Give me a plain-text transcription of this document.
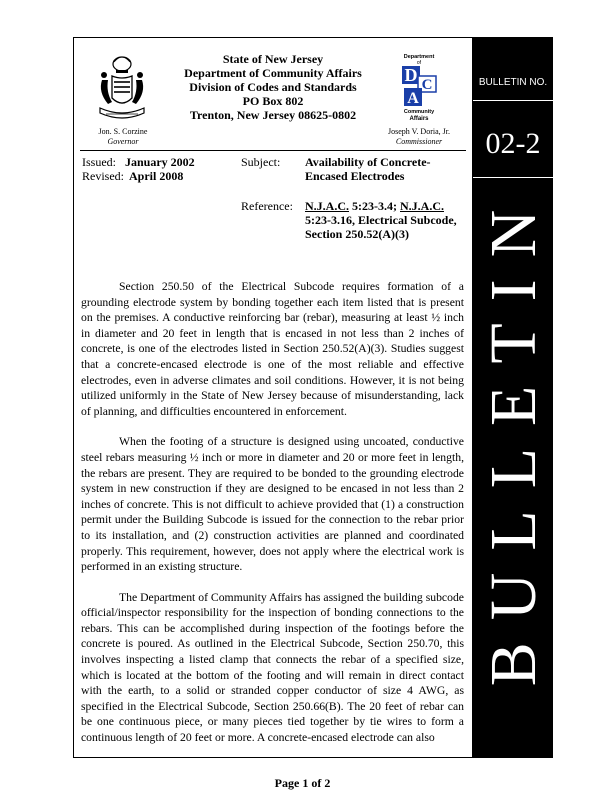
BULLETIN NO.
02-2
BULLETIN
Department
of
D C
A
Community
Affairs
State of New Jersey
Department of Community Affairs
Division of Codes and Standards
PO Box 802
Trenton, New Jersey 08625-0802
Jon. S. Corzine
Governor
Joseph V. Doria, Jr.
Commissioner
Issued: January 2002
Revised: April 2008
Subject: Availability of Concrete-
Encased Electrodes
Reference: N.J.A.C. 5:23-3.4; N.J.A.C.
5:23-3.16, Electrical Subcode,
Section 250.52(A)(3)

Section 250.50 of the Electrical Subcode requires formation of a grounding electrode system by bonding together each item listed that is present on the premises. A conductive reinforcing bar (rebar), measuring at least ½ inch in diameter and 20 feet in length that is encased in not less than 2 inches of concrete, is one of the electrodes listed in Section 250.52(A)(3). Studies suggest that a concrete-encased electrode is one of the most reliable and effective electrodes, even in adverse climates and soil conditions. However, it is not being utilized uniformly in the State of New Jersey because of misunderstanding, lack of planning, and difficulties encountered in enforcement.

When the footing of a structure is designed using uncoated, conductive steel rebars measuring ½ inch or more in diameter and 20 or more feet in length, the rebars are present. They are required to be bonded to the grounding electrode system in new construction if they are designed to be encased in not less than 2 inches of concrete. This is not difficult to achieve provided that (1) a construction permit under the Building Subcode is issued for the connection to the rebar prior to its installation, and (2) construction activities are planned and coordinated properly. This requirement, however, does not apply where the electrical work is performed in an existing structure.

The Department of Community Affairs has assigned the building subcode official/inspector responsibility for the inspection of bonding connections to the rebars. This can be accomplished during inspection of the footings before the concrete is poured. As outlined in the Electrical Subcode, Section 250.70, this involves inspecting a listed clamp that connects the rebar of a specified size, which is located at the bottom of the footing and will remain in direct contact with the earth, to a solid or stranded copper conductor of size 4 AWG, as specified in the Electrical Subcode, Section 250.66(B). The 20 feet of rebar can be one continuous piece, or many pieces tied together by tie wires to form a continuous length of 20 feet or more. A concrete-encased electrode can also

Page 1 of 2
